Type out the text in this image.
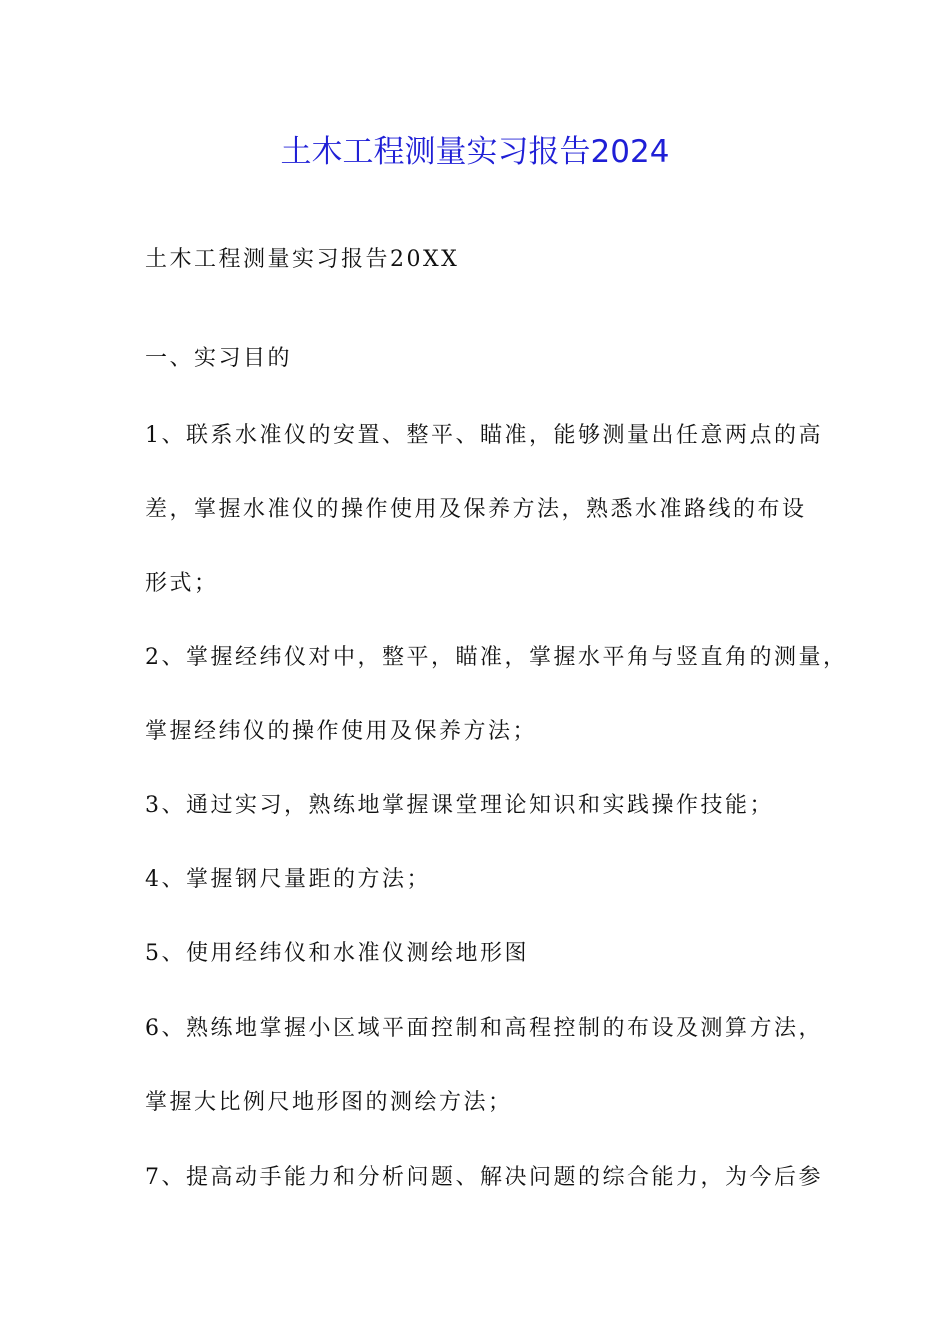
土木工程测量实习报告2024
土木工程测量实习报告20XX
一、实习目的
1、联系水准仪的安置、整平、瞄准，能够测量出任意两点的高
差，掌握水准仪的操作使用及保养方法，熟悉水准路线的布设
形式；
2、掌握经纬仪对中，整平，瞄准，掌握水平角与竖直角的测量，
掌握经纬仪的操作使用及保养方法；
3、通过实习，熟练地掌握课堂理论知识和实践操作技能；
4、掌握钢尺量距的方法；
5、使用经纬仪和水准仪测绘地形图
6、熟练地掌握小区域平面控制和高程控制的布设及测算方法，
掌握大比例尺地形图的测绘方法；
7、提高动手能力和分析问题、解决问题的综合能力，为今后参
